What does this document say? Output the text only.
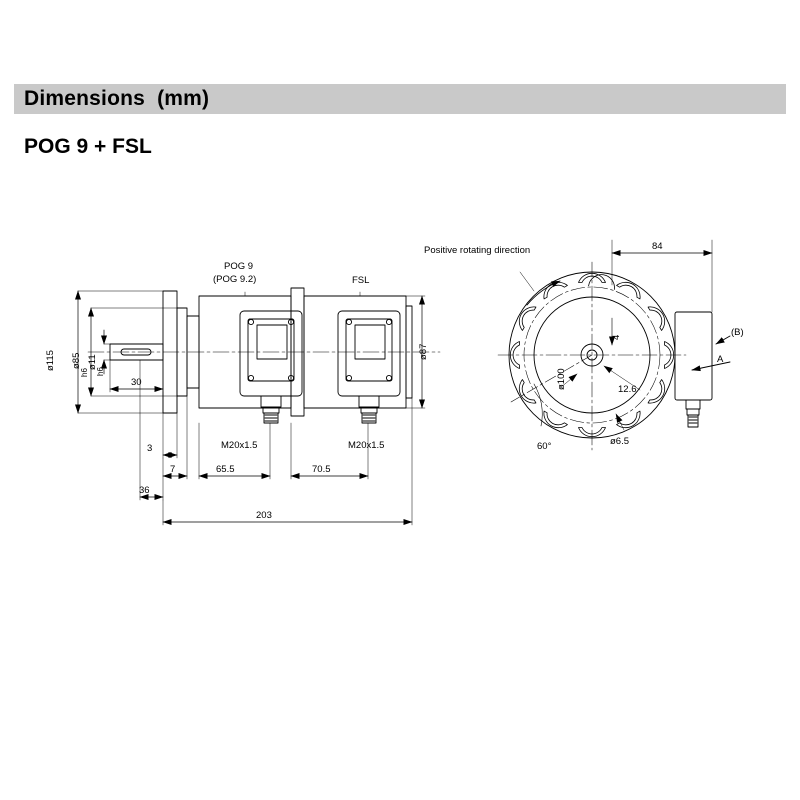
Dimensions  (mm)
POG 9 + FSL
POG 9
(POG 9.2)	FSL
ø115 ø85
h6
ø11
h6
30
ø87
M20x1.5	M20x1.5
3
7
36
65.5	70.5
203
Positive rotating direction
ø100
4
12.6
ø6.5
60°
84
(B)
A
